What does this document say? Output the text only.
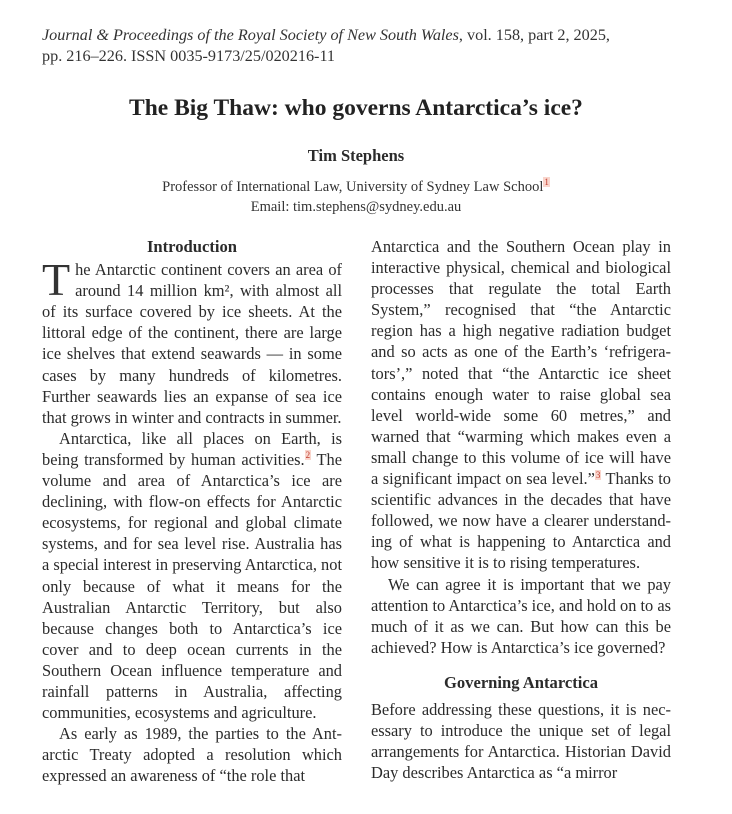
Journal & Proceedings of the Royal Society of New South Wales, vol. 158, part 2, 2025,
pp. 216–226. ISSN 0035-9173/25/020216-11
The Big Thaw: who governs Antarctica’s ice?
Tim Stephens
Professor of International Law, University of Sydney Law School$^1$
Email: tim.stephens@sydney.edu.au
Introduction

The Antarctic continent covers an area of around 14 million km², with almost all of its surface covered by ice sheets. At the littoral edge of the continent, there are large ice shelves that extend seawards — in some cases by many hundreds of kilometres. Further seawards lies an expanse of sea ice that grows in winter and contracts in summer.

Antarctica, like all places on Earth, is being transformed by human activities.$^2$ The volume and area of Antarctica’s ice are declining, with flow-on effects for Antarctic ecosystems, for regional and global climate systems, and for sea level rise. Australia has a special interest in preserving Antarctica, not only because of what it means for the Australian Antarctic Territory, but also because changes both to Antarctica’s ice cover and to deep ocean currents in the Southern Ocean influence temperature and rainfall patterns in Australia, affecting communities, ecosystems and agriculture.

As early as 1989, the parties to the Antarctic Treaty adopted a resolution which expressed an awareness of “the role that

Antarctica and the Southern Ocean play in interactive physical, chemical and biological processes that regulate the total Earth System,” recognised that “the Antarctic region has a high negative radiation budget and so acts as one of the Earth’s ‘refrigerators’,” noted that “the Antarctic ice sheet contains enough water to raise global sea level world-wide some 60 metres,” and warned that “warming which makes even a small change to this volume of ice will have a significant impact on sea level.”$^3$ Thanks to scientific advances in the decades that have followed, we now have a clearer understanding of what is happening to Antarctica and how sensitive it is to rising temperatures.

We can agree it is important that we pay attention to Antarctica’s ice, and hold on to as much of it as we can. But how can this be achieved? How is Antarctica’s ice governed?

Governing Antarctica

Before addressing these questions, it is necessary to introduce the unique set of legal arrangements for Antarctica. Historian David Day describes Antarctica as “a mirror
